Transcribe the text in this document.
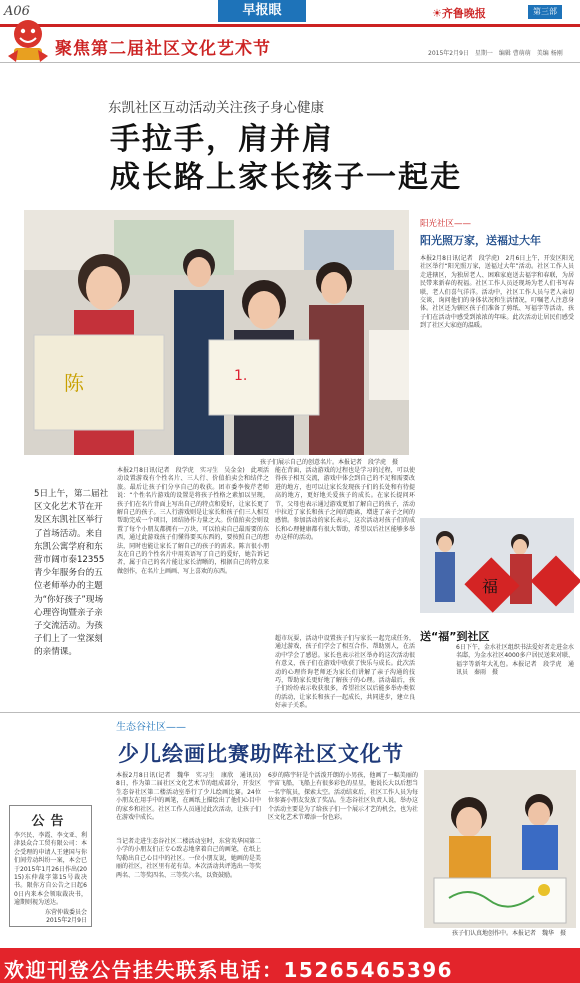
A06	早报眼	☀齐鲁晚报	第三部
聚焦第二届社区文化艺术节	2015年2月9日　星期一　编辑 曹萌萌　美编 杨刚
东凯社区互动活动关注孩子身心健康
手拉手，肩并肩
成长路上家长孩子一起走
陈	1.
孩子们展示自己的创意名片。本报记者　段学虎　摄
5日上午，第二届社区文化艺术节在开发区东凯社区举行了首场活动。来自东凯公寓学府和东营市阔市泰12355青少年服务台的五位老师举办的主题为“你好孩子”现场心理咨询暨亲子亲子交流活动。为孩子们上了一堂深刻的亲情课。
本报2月8日讯(记者　段学虎　实习生　吴金金)　此项活动设置游戏有个性名片、三人行、价值拍卖会和结伴之旅。最后让孩子们分享自己的收获。团市委李俊芹老师说：“个性名片游戏的设置是将孩子性格之素加以呈现，孩子们在名片背面上写出自己的特点和爱好，让家长更了解自己的孩子。三人行游戏则是让家长和孩子们三人相互帮助完成一个项目，团结协作力量之大。价值拍卖会则设置了每个小朋友都拥有一万块，可以拍卖自己最需要的东西，通过此游戏孩子们懂得要买东西的，要按照自己的想法，同时也能让家长了解自己的孩子的需求。陈言很小朋友在自己的个性名片中用英语写了自己的爱好，她告诉记者，属于自己的名片能让家长清晰的，根据自己的特点来做创作，在名片上画画、写上喜欢的东西。
能在背面，活动游戏的过程也是学习的过程，可以使得孩子相互交流，游戏中体会到自己的不足和需要改进的地方，也可以让家长发现孩子们的长处和有待提高的地方，更好地关爱孩子的成长。在家长提问环节，父母也表示通过游戏更加了解自己的孩子，活动中拉近了家长和孩子之间的距离，增进了亲子之间的感情。参加活动的家长表示，这次活动对孩子们的成长和心理健康都有很大帮助，希望以后社区能够多举办这样的活动。
超市玩耍，活动中设置孩子们与家长一起完成任务，通过游戏，孩子们学会了相互合作、帮助别人，在活动中学会了感恩。家长也表示社区举办的这次活动很有意义，孩子们在游戏中收获了快乐与成长。此次活动的心理咨询老师还为家长们讲解了亲子沟通的技巧，帮助家长更好地了解孩子的心理。活动最后，孩子们纷纷表示收获很多，希望社区以后能多举办类似的活动，让家长和孩子一起成长，共同进步，建立良好亲子关系。
阳光社区——
阳光照万家，送福过大年
本报2月8日讯(记者　段学虎)　2月6日上午，开发区阳光社区举行“阳光照万家，送福过大年”活动。社区工作人员走进辖区，为独居老人、困难家庭送去福字和春联，为居民带来新春的祝福。社区工作人员还现场为老人们书写春联，老人们喜气洋洋。活动中，社区工作人员与老人亲切交谈，询问他们的身体状况和生活情况，叮嘱老人注意身体。社区还为辖区孩子们准备了剪纸、写福字等活动，孩子们在活动中感受到浓浓的年味。此次活动让居民们感受到了社区大家庭的温暖。
福
送“福”到社区
6日下午，金水社区组织书法爱好者走进金水名邸，为金水社区4000多户居民送来对联、福字等新年大礼包。本报记者　段学虎　通讯员　秦雨　摄
生态谷社区——
少儿绘画比赛助阵社区文化节
本报2月8日讯(记者　魏华　实习生　康欣　通讯员)　8日，作为第二届社区文化艺术节的组成部分，开发区生态谷社区第二楼活动室举行了少儿绘画比赛。24位小朋友在用手中的画笔，在画纸上描绘出了他们心目中的家乡和社区。社区工作人员通过此次活动，让孩子们在游戏中成长。
当记者走进生态谷社区二楼活动室时，东营英华国第二小学的小朋友们正专心致志地拿着自己的画笔，在纸上勾勒出自己心目中的社区。一位小朋友说，她画的是美丽的社区，社区里有花有草。本次活动共评选出一等奖两名、二等奖四名、三等奖六名，以资鼓励。
6岁的陈宇轩是个活泼开朗的小男孩，他画了一幅美丽的宇宙飞船，飞船上有很多彩色的星星，他说长大以后想当一名宇航员，探索太空。活动结束后，社区工作人员为每位参赛小朋友发放了奖品。生态谷社区负责人说，举办这个活动主要是为了给孩子们一个展示才艺的机会，也为社区文化艺术节增添一份色彩。
孩子们认真地创作中。本报记者　魏华　摄
公告
李兴民、李霞、李文亚、利津县众合工贸有限公司：本会受理的申请人王建国与你们间劳动纠纷一案，本会已于2015年1月26日作出(2015)东仲裁字第15号裁决书。限你方自公告之日起60日内来本会领取裁决书，逾期则视为送达。
东营仲裁委员会
2015年2月9日
欢迎刊登公告挂失联系电话：15265465396
